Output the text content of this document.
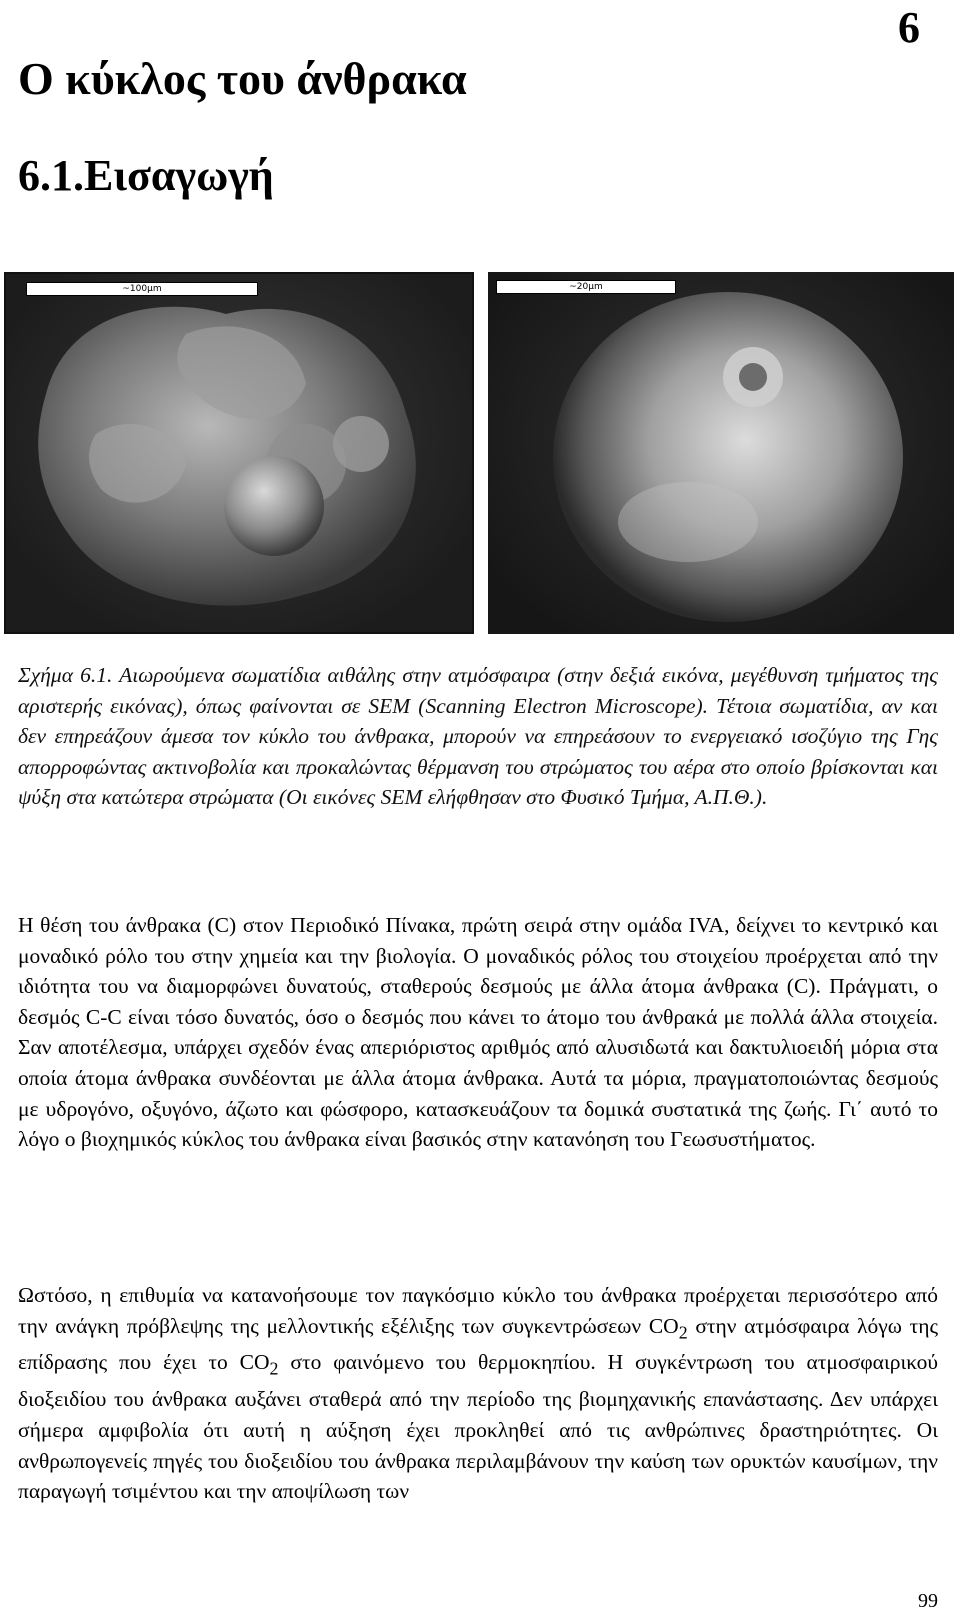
6
Ο κύκλος του άνθρακα
6.1.Εισαγωγή
~100μm	~20μm

Σχήμα 6.1. Αιωρούμενα σωματίδια αιθάλης στην ατμόσφαιρα (στην δεξιά εικόνα, μεγέθυνση τμήματος της αριστερής εικόνας), όπως φαίνονται σε SEM (Scanning Electron Microscope). Τέτοια σωματίδια, αν και δεν επηρεάζουν άμεσα τον κύκλο του άνθρακα, μπορούν να επηρεάσουν το ενεργειακό ισοζύγιο της Γης απορροφώντας ακτινοβολία και προκαλώντας θέρμανση του στρώματος του αέρα στο οποίο βρίσκονται και ψύξη στα κατώτερα στρώματα (Οι εικόνες SEM ελήφθησαν στο Φυσικό Τμήμα, Α.Π.Θ.).

Η θέση του άνθρακα (C) στον Περιοδικό Πίνακα, πρώτη σειρά στην ομάδα IVA, δείχνει το κεντρικό και μοναδικό ρόλο του στην χημεία και την βιολογία. Ο μοναδικός ρόλος του στοιχείου προέρχεται από την ιδιότητα του να διαμορφώνει δυνατούς, σταθερούς δεσμούς με άλλα άτομα άνθρακα (C). Πράγματι, ο δεσμός C-C είναι τόσο δυνατός, όσο ο δεσμός που κάνει το άτομο του άνθρακά με πολλά άλλα στοιχεία. Σαν αποτέλεσμα, υπάρχει σχεδόν ένας απεριόριστος αριθμός από αλυσιδωτά και δακτυλιοειδή μόρια στα οποία άτομα άνθρακα συνδέονται με άλλα άτομα άνθρακα. Αυτά τα μόρια, πραγματοποιώντας δεσμούς με υδρογόνο, οξυγόνο, άζωτο και φώσφορο, κατασκευάζουν τα δομικά συστατικά της ζωής. Γι΄ αυτό το λόγο ο βιοχημικός κύκλος του άνθρακα είναι βασικός στην κατανόηση του Γεωσυστήματος.

Ωστόσο, η επιθυμία να κατανοήσουμε τον παγκόσμιο κύκλο του άνθρακα προέρχεται περισσότερο από την ανάγκη πρόβλεψης της μελλοντικής εξέλιξης των συγκεντρώσεων $CO_2$ στην ατμόσφαιρα λόγω της επίδρασης που έχει το $CO_2$ στο φαινόμενο του θερμοκηπίου. Η συγκέντρωση του ατμοσφαιρικού διοξειδίου του άνθρακα αυξάνει σταθερά από την περίοδο της βιομηχανικής επανάστασης. Δεν υπάρχει σήμερα αμφιβολία ότι αυτή η αύξηση έχει προκληθεί από τις ανθρώπινες δραστηριότητες. Οι ανθρωπογενείς πηγές του διοξειδίου του άνθρακα περιλαμβάνουν την καύση των ορυκτών καυσίμων, την παραγωγή τσιμέντου και την αποψίλωση των

99
